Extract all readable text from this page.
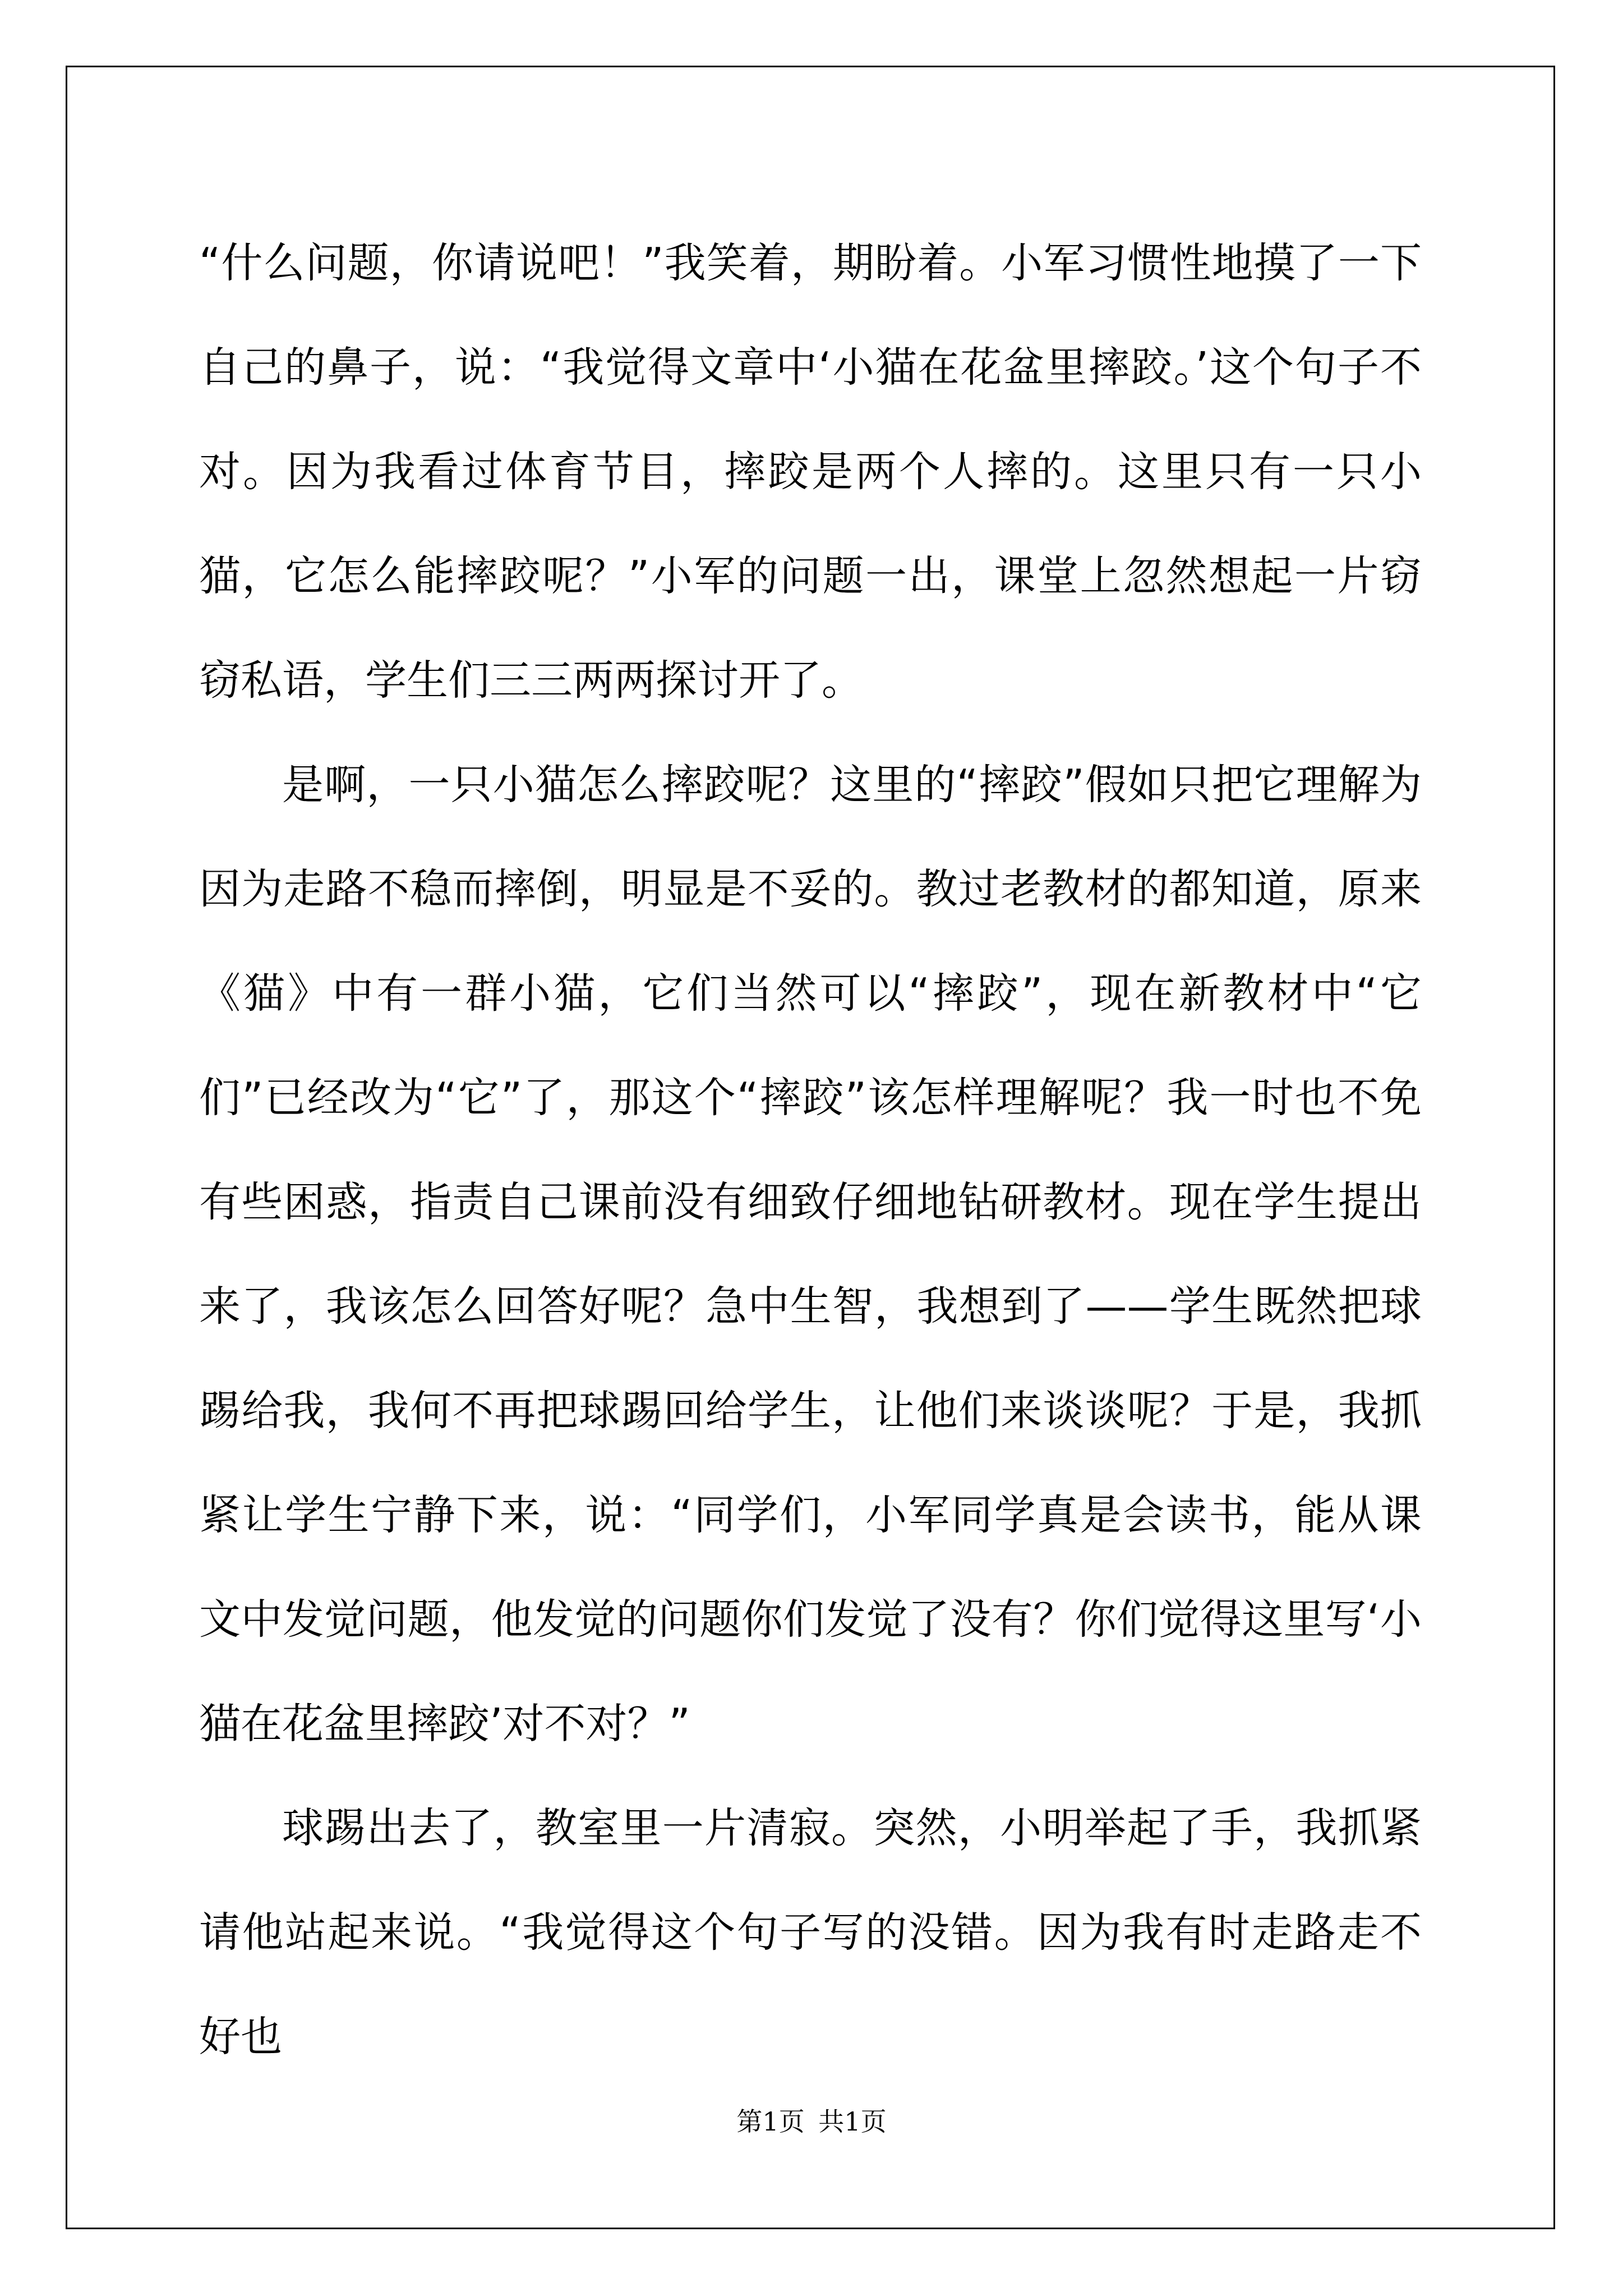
“什么问题，你请说吧！”我笑着，期盼着。小军习惯性地摸了一下自己的鼻子，说：“我觉得文章中‘小猫在花盆里摔跤。’这个句子不对。因为我看过体育节目，摔跤是两个人摔的。这里只有一只小猫，它怎么能摔跤呢？”小军的问题一出，课堂上忽然想起一片窃窃私语，学生们三三两两探讨开了。

是啊，一只小猫怎么摔跤呢？这里的“摔跤”假如只把它理解为因为走路不稳而摔倒，明显是不妥的。教过老教材的都知道，原来《猫》中有一群小猫，它们当然可以“摔跤”，现在新教材中“它们”已经改为“它”了，那这个“摔跤”该怎样理解呢？我一时也不免有些困惑，指责自己课前没有细致仔细地钻研教材。现在学生提出来了，我该怎么回答好呢？急中生智，我想到了——学生既然把球踢给我，我何不再把球踢回给学生，让他们来谈谈呢？于是，我抓紧让学生宁静下来，说：“同学们，小军同学真是会读书，能从课文中发觉问题，他发觉的问题你们发觉了没有？你们觉得这里写‘小猫在花盆里摔跤’对不对？”

球踢出去了，教室里一片清寂。突然，小明举起了手，我抓紧请他站起来说。“我觉得这个句子写的没错。因为我有时走路走不好也

第1页 共1页
